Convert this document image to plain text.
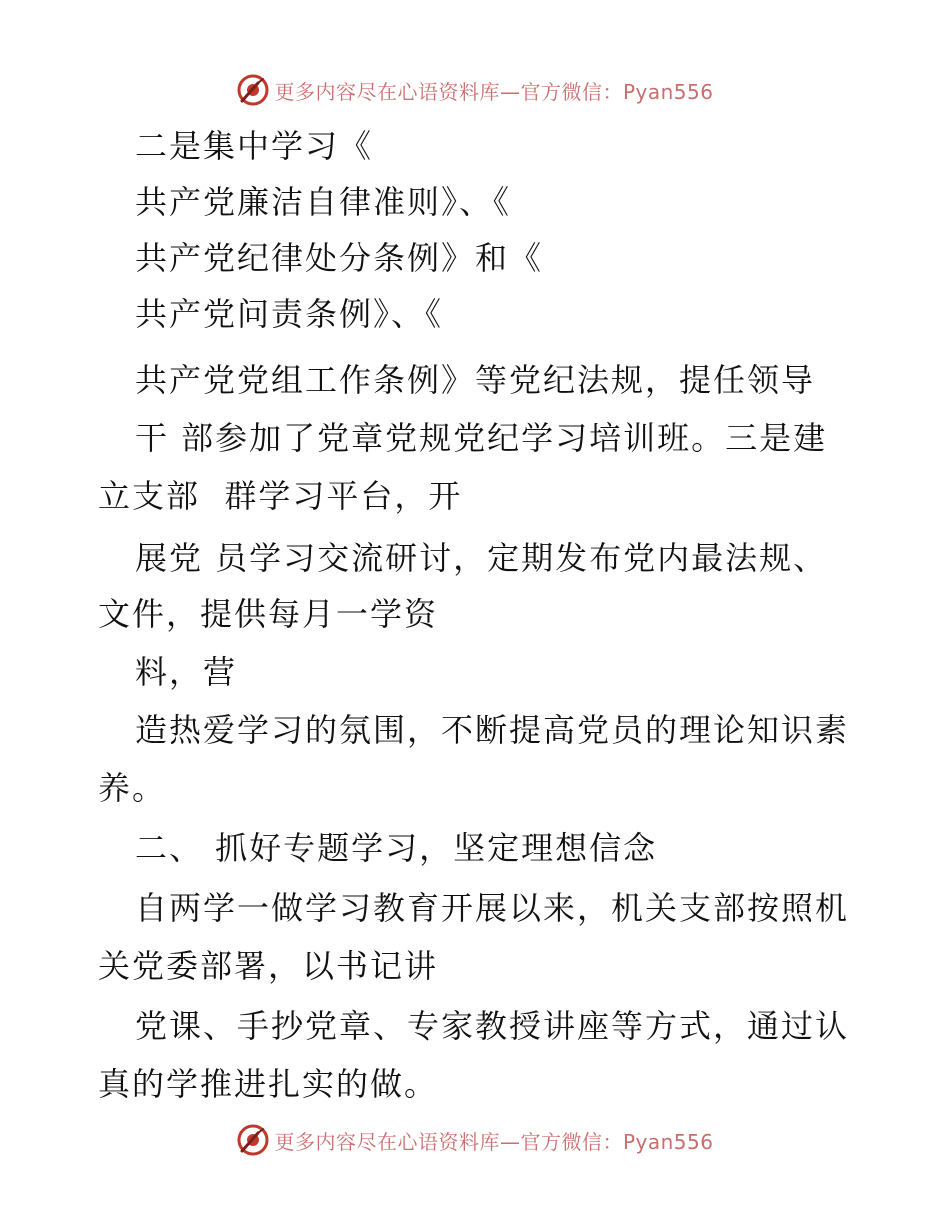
更多内容尽在心语资料库—官方微信：Pyan556
二是集中学习《
共产党廉洁自律准则》、《
共产党纪律处分条例》和《
共产党问责条例》、《
共产党党组工作条例》等党纪法规，提任领导
干 部参加了党章党规党纪学习培训班。三是建
立支部  群学习平台，开
展党 员学习交流研讨，定期发布党内最法规、
文件，提供每月一学资
料，营
造热爱学习的氛围，不断提高党员的理论知识素
养。
二、 抓好专题学习，坚定理想信念
自两学一做学习教育开展以来，机关支部按照机
关党委部署，以书记讲
党课、手抄党章、专家教授讲座等方式，通过认
真的学推进扎实的做。
更多内容尽在心语资料库—官方微信：Pyan556
